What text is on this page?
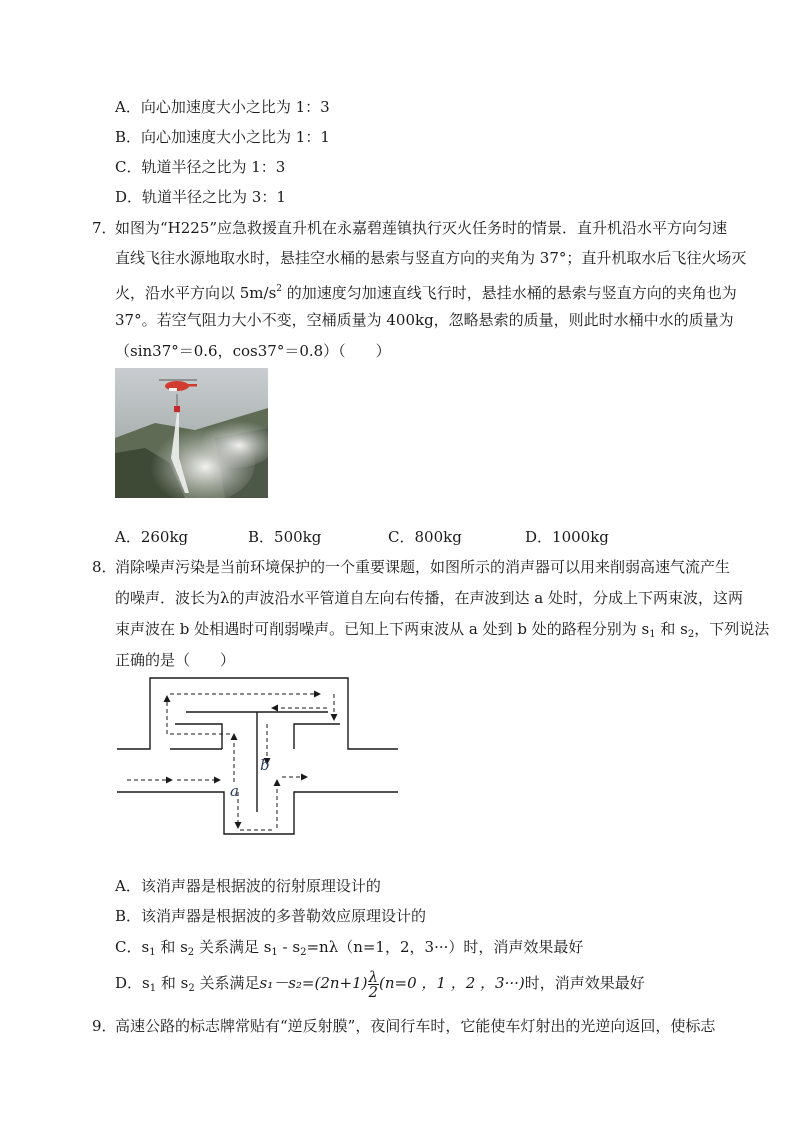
A．向心加速度大小之比为 1：3
B．向心加速度大小之比为 1：1
C．轨道半径之比为 1：3
D．轨道半径之比为 3：1
7．
如图为“H225”应急救援直升机在永嘉碧莲镇执行灭火任务时的情景．直升机沿水平方向匀速
直线飞往水源地取水时，悬挂空水桶的悬索与竖直方向的夹角为 37°；直升机取水后飞往火场灭
火，沿水平方向以 $5m/s^2$ 的加速度匀加速直线飞行时，悬挂水桶的悬索与竖直方向的夹角也为
37°。若空气阻力大小不变，空桶质量为 400kg，忽略悬索的质量，则此时水桶中水的质量为
（sin37°＝0.6，cos37°＝0.8）（　　）
A．260kg	B．500kg	C．800kg	D．1000kg
8．
消除噪声污染是当前环境保护的一个重要课题，如图所示的消声器可以用来削弱高速气流产生
的噪声．波长为λ的声波沿水平管道自左向右传播，在声波到达 a 处时，分成上下两束波，这两
束声波在 b 处相遇时可削弱噪声。已知上下两束波从 a 处到 b 处的路程分别为 $s_1$ 和 $s_2$，下列说法
正确的是（　　）
a
b
A．该消声器是根据波的衍射原理设计的
B．该消声器是根据波的多普勒效应原理设计的
C．$s_1$ 和 $s_2$ 关系满足 $s_1 - s_2=n\lambda(n=1$，2，3···）时，消声效果最好
D．$s_1$ 和 $s_2$ 关系满足$s_1-s_2=(2n+1) \frac{\lambda}{2} (n=0$ ，1 ，2 ，3···)时，消声效果最好
9．
高速公路的标志牌常贴有“逆反射膜”，夜间行车时，它能使车灯射出的光逆向返回，使标志
